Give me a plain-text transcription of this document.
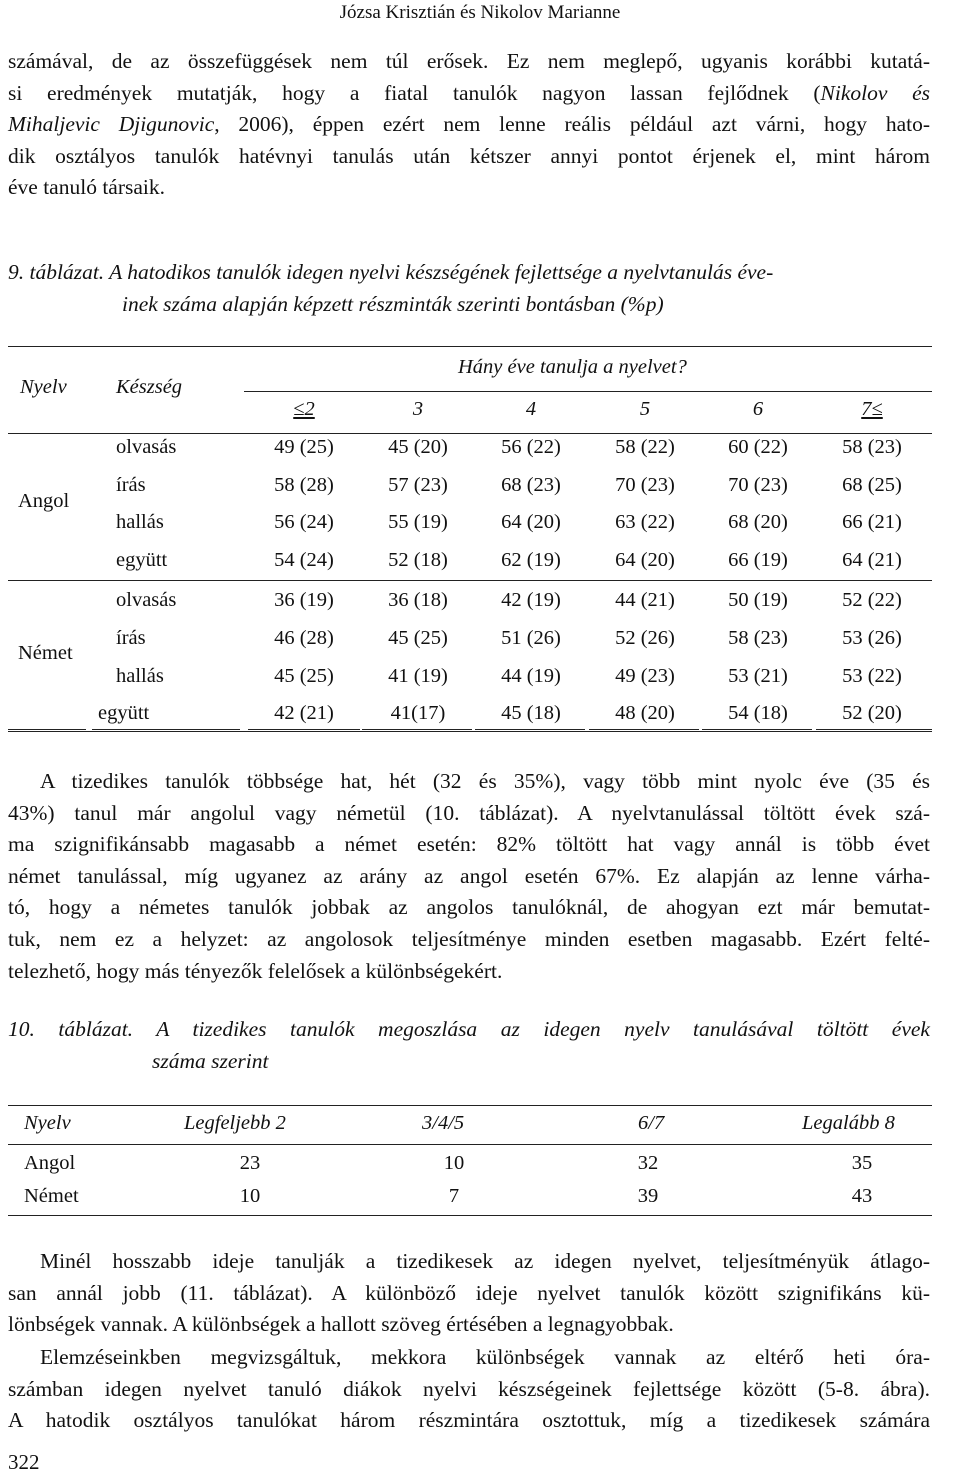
Józsa Krisztián és Nikolov Marianne

számával, de az összefüggések nem túl erősek. Ez nem meglepő, ugyanis korábbi kutatá-
si eredmények mutatják, hogy a fiatal tanulók nagyon lassan fejlődnek (Nikolov és
Mihaljevic Djigunovic, 2006), éppen ezért nem lenne reális például azt várni, hogy hato-
dik osztályos tanulók hatévnyi tanulás után kétszer annyi pontot érjenek el, mint három
éve tanuló társaik.

9. táblázat. A hatodikos tanulók idegen nyelvi készségének fejlettsége a nyelvtanulás éve-
inek száma alapján képzett részminták szerinti bontásban (%p)
Nyelv Készség
Hány éve tanulja a nyelvet?
≤2	3	4	5	6	7≤
Angol
Német
olvasás	49 (25)	45 (20)	56 (22)	58 (22)	60 (22)	58 (23)
írás	58 (28)	57 (23)	68 (23)	70 (23)	70 (23)	68 (25)
hallás	56 (24)	55 (19)	64 (20)	63 (22)	68 (20)	66 (21)
együtt	54 (24)	52 (18)	62 (19)	64 (20)	66 (19)	64 (21)
olvasás	36 (19)	36 (18)	42 (19)	44 (21)	50 (19)	52 (22)
írás	46 (28)	45 (25)	51 (26)	52 (26)	58 (23)	53 (26)
hallás	45 (25)	41 (19)	44 (19)	49 (23)	53 (21)	53 (22)
együtt	42 (21)	41(17)	45 (18)	48 (20)	54 (18)	52 (20)

A tizedikes tanulók többsége hat, hét (32 és 35%), vagy több mint nyolc éve (35 és
43%) tanul már angolul vagy németül (10. táblázat). A nyelvtanulással töltött évek szá-
ma szignifikánsabb magasabb a német esetén: 82% töltött hat vagy annál is több évet
német tanulással, míg ugyanez az arány az angol esetén 67%. Ez alapján az lenne várha-
tó, hogy a németes tanulók jobbak az angolos tanulóknál, de ahogyan ezt már bemutat-
tuk, nem ez a helyzet: az angolosok teljesítménye minden esetben magasabb. Ezért felté-
telezhető, hogy más tényezők felelősek a különbségekért.

10. táblázat. A tizedikes tanulók megoszlása az idegen nyelv tanulásával töltött évek
száma szerint
Nyelv	Legfeljebb 2	3/4/5	6/7	Legalább 8
Angol	23	10	32	35
Német	10	7	39	43

Minél hosszabb ideje tanulják a tizedikesek az idegen nyelvet, teljesítményük átlago-
san annál jobb (11. táblázat). A különböző ideje nyelvet tanulók között szignifikáns kü-
lönbségek vannak. A különbségek a hallott szöveg értésében a legnagyobbak.

Elemzéseinkben megvizsgáltuk, mekkora különbségek vannak az eltérő heti óra-
számban idegen nyelvet tanuló diákok nyelvi készségeinek fejlettsége között (5-8. ábra).
A hatodik osztályos tanulókat három részmintára osztottuk, míg a tizedikesek számára

322
